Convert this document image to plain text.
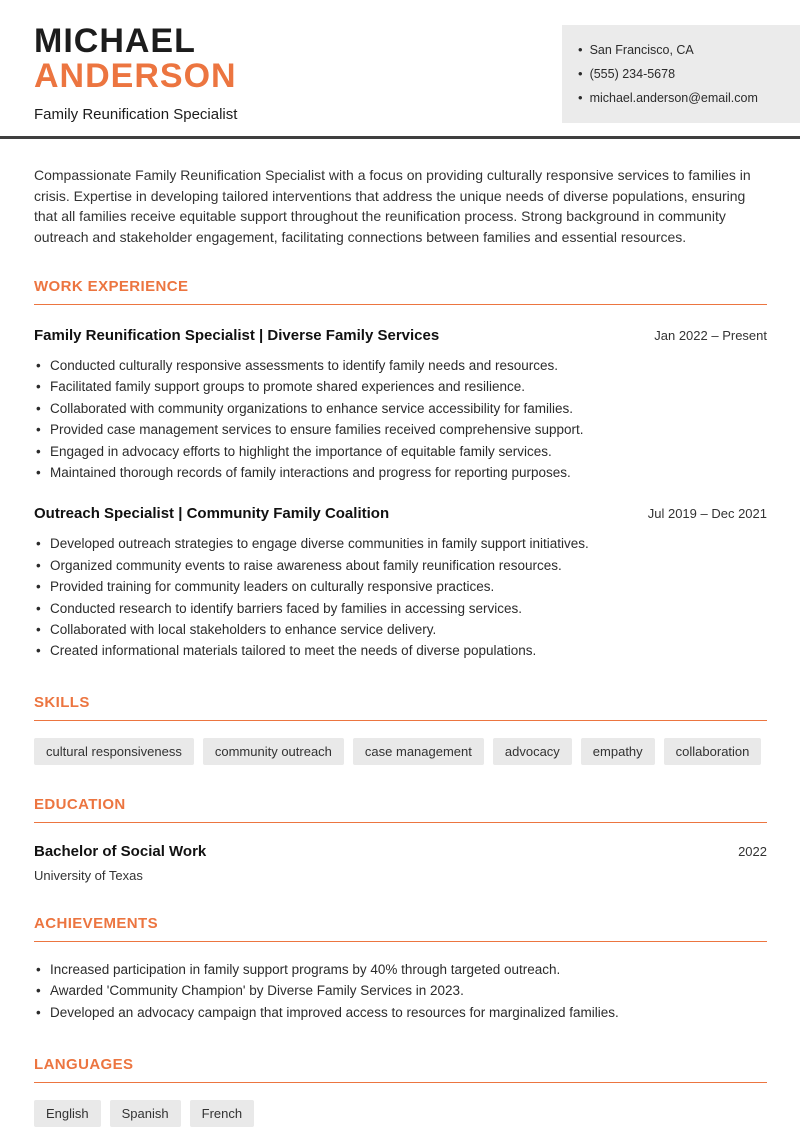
MICHAEL
ANDERSON
Family Reunification Specialist
• San Francisco, CA
• (555) 234-5678
• michael.anderson@email.com

Compassionate Family Reunification Specialist with a focus on providing culturally responsive services to families in crisis. Expertise in developing tailored interventions that address the unique needs of diverse populations, ensuring that all families receive equitable support throughout the reunification process. Strong background in community outreach and stakeholder engagement, facilitating connections between families and essential resources.

WORK EXPERIENCE
Family Reunification Specialist | Diverse Family Services	Jan 2022 – Present
• Conducted culturally responsive assessments to identify family needs and resources.
• Facilitated family support groups to promote shared experiences and resilience.
• Collaborated with community organizations to enhance service accessibility for families.
• Provided case management services to ensure families received comprehensive support.
• Engaged in advocacy efforts to highlight the importance of equitable family services.
• Maintained thorough records of family interactions and progress for reporting purposes.
Outreach Specialist | Community Family Coalition	Jul 2019 – Dec 2021
• Developed outreach strategies to engage diverse communities in family support initiatives.
• Organized community events to raise awareness about family reunification resources.
• Provided training for community leaders on culturally responsive practices.
• Conducted research to identify barriers faced by families in accessing services.
• Collaborated with local stakeholders to enhance service delivery.
• Created informational materials tailored to meet the needs of diverse populations.
SKILLS
cultural responsiveness	community outreach	case management	advocacy	empathy	collaboration
EDUCATION
Bachelor of Social Work	2022
University of Texas
ACHIEVEMENTS
• Increased participation in family support programs by 40% through targeted outreach.
• Awarded 'Community Champion' by Diverse Family Services in 2023.
• Developed an advocacy campaign that improved access to resources for marginalized families.
LANGUAGES
English	Spanish	French
